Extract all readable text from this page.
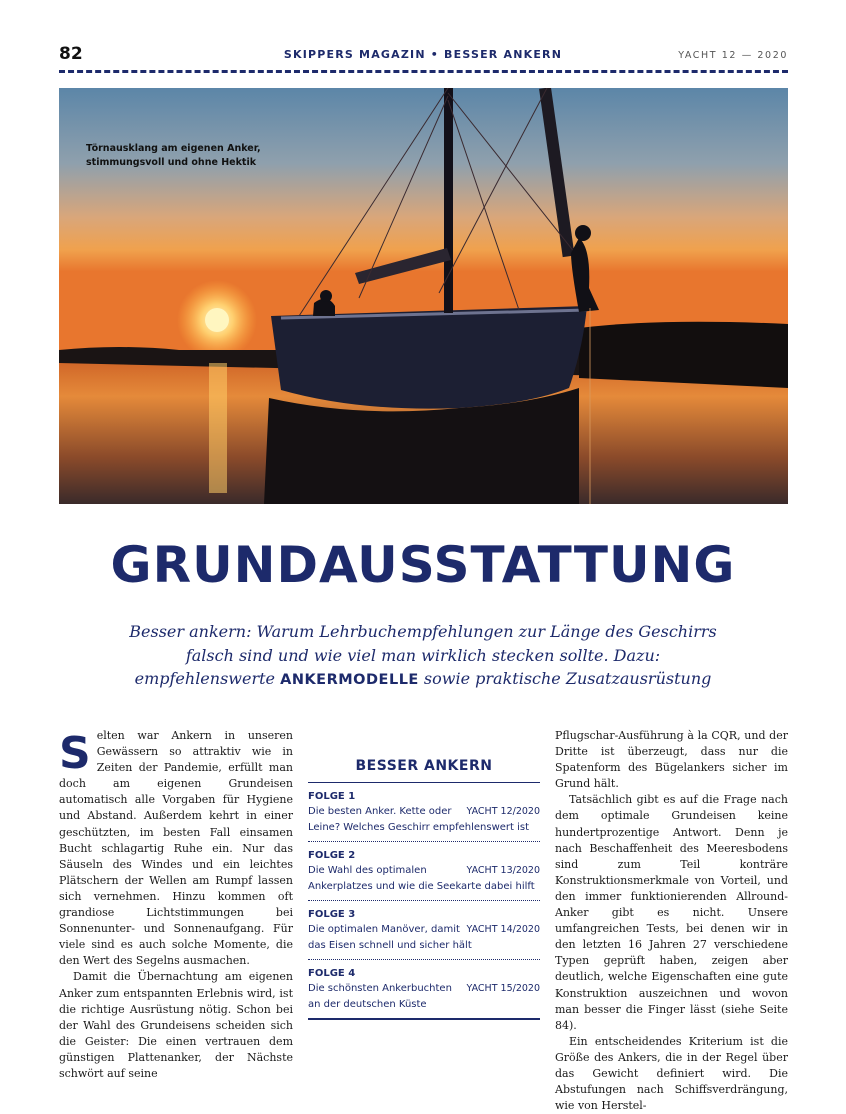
82	SKIPPERS MAGAZIN • BESSER ANKERN	YACHT 12 — 2020
Törnausklang am eigenen Anker,
stimmungsvoll und ohne Hektik
GRUNDAUSSTATTUNG
Besser ankern: Warum Lehrbuchempfehlungen zur Länge des Geschirrs
falsch sind und wie viel man wirklich stecken sollte. Dazu:
empfehlenswerte ANKERMODELLE sowie praktische Zusatzausrüstung

Selten war Ankern in unseren Gewässern so attraktiv wie in Zeiten der Pandemie, erfüllt man doch am eigenen Grundeisen automatisch alle Vorgaben für Hygiene und Abstand. Außerdem kehrt in einer geschützten, im besten Fall einsamen Bucht schlagartig Ruhe ein. Nur das Säuseln des Windes und ein leichtes Plätschern der Wellen am Rumpf lassen sich vernehmen. Hinzu kommen oft grandiose Lichtstimmungen bei Sonnenunter- und Sonnenaufgang. Für viele sind es auch solche Momente, die den Wert des Segelns ausmachen.

Damit die Übernachtung am eigenen Anker zum entspannten Erlebnis wird, ist die richtige Ausrüstung nötig. Schon bei der Wahl des Grundeisens scheiden sich die Geister: Die einen vertrauen dem günstigen Plattenanker, der Nächste schwört auf seine

BESSER ANKERN
FOLGE 1
YACHT 12/2020
Die besten Anker. Kette oder Leine? Welches Geschirr empfehlenswert ist
FOLGE 2
YACHT 13/2020
Die Wahl des optimalen Ankerplatzes und wie die Seekarte dabei hilft
FOLGE 3
YACHT 14/2020
Die optimalen Manöver, damit das Eisen schnell und sicher hält
FOLGE 4
YACHT 15/2020
Die schönsten Ankerbuchten an der deutschen Küste

Pflugschar-Ausführung à la CQR, und der Dritte ist überzeugt, dass nur die Spatenform des Bügelankers sicher im Grund hält.

Tatsächlich gibt es auf die Frage nach dem optimale Grundeisen keine hundertprozentige Antwort. Denn je nach Beschaffenheit des Meeresbodens sind zum Teil konträre Konstruktionsmerkmale von Vorteil, und den immer funktionierenden Allround-Anker gibt es nicht. Unsere umfangreichen Tests, bei denen wir in den letzten 16 Jahren 27 verschiedene Typen geprüft haben, zeigen aber deutlich, welche Eigenschaften eine gute Konstruktion auszeichnen und wovon man besser die Finger lässt (siehe Seite 84).

Ein entscheidendes Kriterium ist die Größe des Ankers, die in der Regel über das Gewicht definiert wird. Die Abstufungen nach Schiffsverdrängung, wie von Herstel-
